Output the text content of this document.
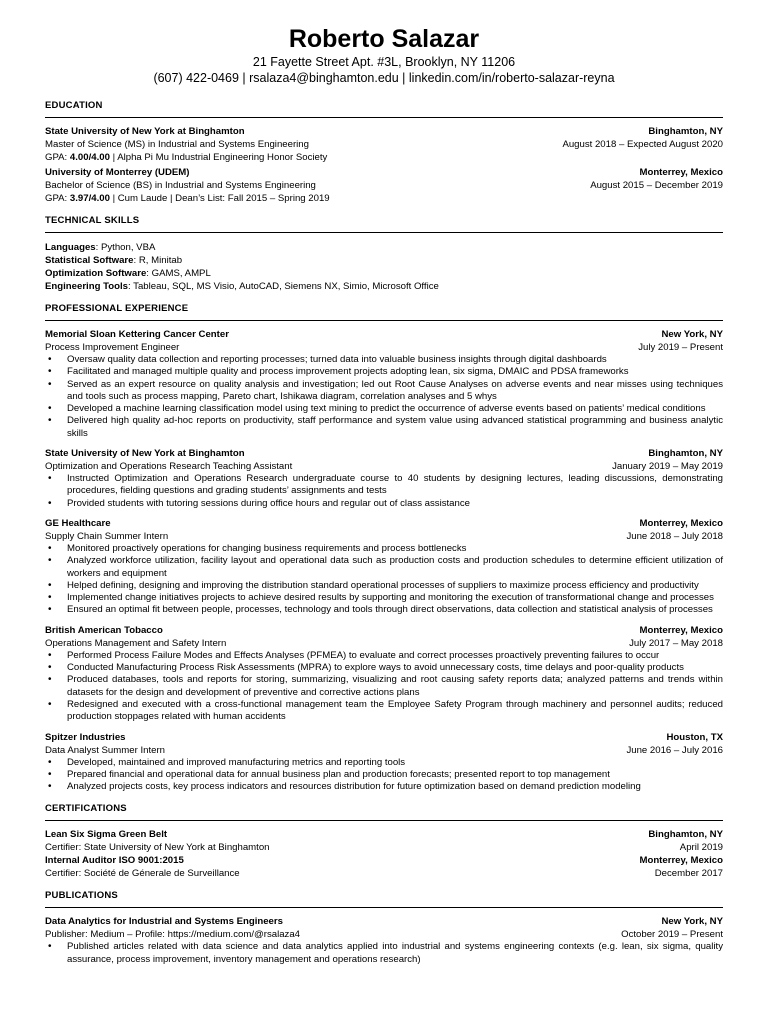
Roberto Salazar
21 Fayette Street Apt. #3L, Brooklyn, NY 11206
(607) 422-0469 | rsalaza4@binghamton.edu | linkedin.com/in/roberto-salazar-reyna
EDUCATION
State University of New York at Binghamton	Binghamton, NY
Master of Science (MS) in Industrial and Systems Engineering	August 2018 – Expected August 2020
GPA: 4.00/4.00 | Alpha Pi Mu Industrial Engineering Honor Society
University of Monterrey (UDEM)	Monterrey, Mexico
Bachelor of Science (BS) in Industrial and Systems Engineering	August 2015 – December 2019
GPA: 3.97/4.00 | Cum Laude | Dean’s List: Fall 2015 – Spring 2019
TECHNICAL SKILLS
Languages: Python, VBA
Statistical Software: R, Minitab
Optimization Software: GAMS, AMPL
Engineering Tools: Tableau, SQL, MS Visio, AutoCAD, Siemens NX, Simio, Microsoft Office
PROFESSIONAL EXPERIENCE
Memorial Sloan Kettering Cancer Center	New York, NY
Process Improvement Engineer	July 2019 – Present
• Oversaw quality data collection and reporting processes; turned data into valuable business insights through digital dashboards
• Facilitated and managed multiple quality and process improvement projects adopting lean, six sigma, DMAIC and PDSA frameworks
• Served as an expert resource on quality analysis and investigation; led out Root Cause Analyses on adverse events and near misses using techniques and tools such as process mapping, Pareto chart, Ishikawa diagram, correlation analyses and 5 whys
• Developed a machine learning classification model using text mining to predict the occurrence of adverse events based on patients’ medical conditions
• Delivered high quality ad-hoc reports on productivity, staff performance and system value using advanced statistical programming and business analytic skills
State University of New York at Binghamton	Binghamton, NY
Optimization and Operations Research Teaching Assistant	January 2019 – May 2019
• Instructed Optimization and Operations Research undergraduate course to 40 students by designing lectures, leading discussions, demonstrating procedures, fielding questions and grading students’ assignments and tests
• Provided students with tutoring sessions during office hours and regular out of class assistance
GE Healthcare	Monterrey, Mexico
Supply Chain Summer Intern	June 2018 – July 2018
• Monitored proactively operations for changing business requirements and process bottlenecks
• Analyzed workforce utilization, facility layout and operational data such as production costs and production schedules to determine efficient utilization of workers and equipment
• Helped defining, designing and improving the distribution standard operational processes of suppliers to maximize process efficiency and productivity
• Implemented change initiatives projects to achieve desired results by supporting and monitoring the execution of transformational change and processes
• Ensured an optimal fit between people, processes, technology and tools through direct observations, data collection and statistical analysis of processes
British American Tobacco	Monterrey, Mexico
Operations Management and Safety Intern	July 2017 – May 2018
• Performed Process Failure Modes and Effects Analyses (PFMEA) to evaluate and correct processes proactively preventing failures to occur
• Conducted Manufacturing Process Risk Assessments (MPRA) to explore ways to avoid unnecessary costs, time delays and poor-quality products
• Produced databases, tools and reports for storing, summarizing, visualizing and root causing safety reports data; analyzed patterns and trends within datasets for the design and development of preventive and corrective actions plans
• Redesigned and executed with a cross-functional management team the Employee Safety Program through machinery and personnel audits; reduced production stoppages related with human accidents
Spitzer Industries	Houston, TX
Data Analyst Summer Intern	June 2016 – July 2016
• Developed, maintained and improved manufacturing metrics and reporting tools
• Prepared financial and operational data for annual business plan and production forecasts; presented report to top management
• Analyzed projects costs, key process indicators and resources distribution for future optimization based on demand prediction modeling
CERTIFICATIONS
Lean Six Sigma Green Belt	Binghamton, NY
Certifier: State University of New York at Binghamton	April 2019
Internal Auditor ISO 9001:2015	Monterrey, Mexico
Certifier: Société de Génerale de Surveillance	December 2017
PUBLICATIONS
Data Analytics for Industrial and Systems Engineers	New York, NY
Publisher: Medium – Profile: https://medium.com/@rsalaza4	October 2019 – Present
• Published articles related with data science and data analytics applied into industrial and systems engineering contexts (e.g. lean, six sigma, quality assurance, process improvement, inventory management and operations research)
